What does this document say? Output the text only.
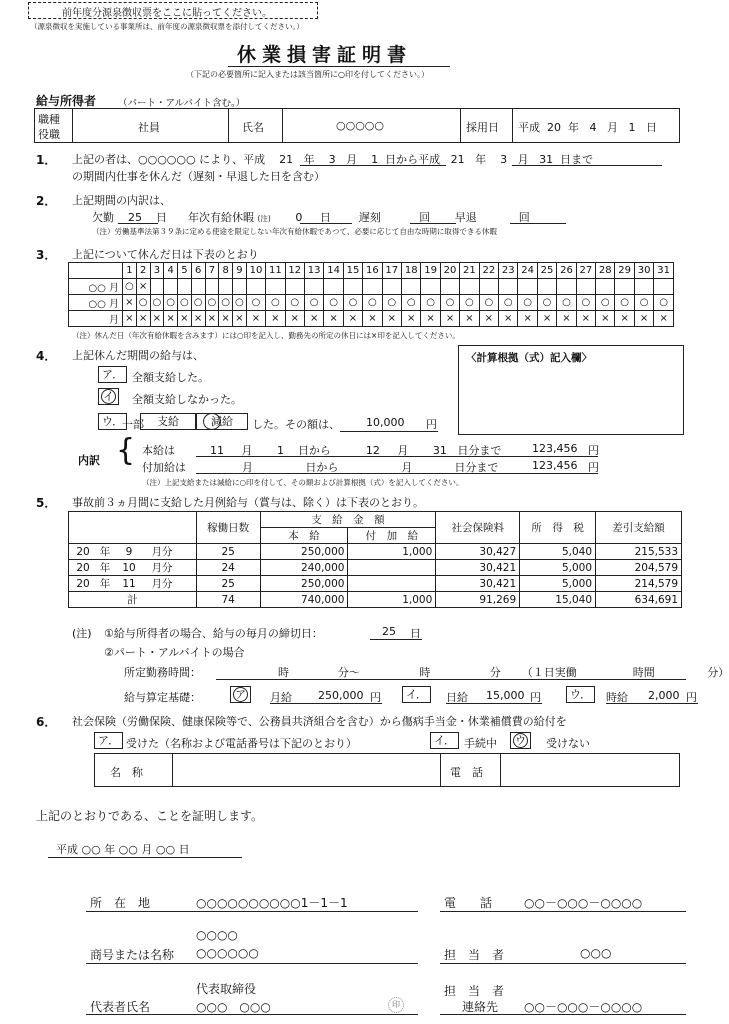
前年度分源泉徴収票をここに貼ってください。
（源泉徴収を実施している事業所は、前年度の源泉徴収票を添付してください。）
休業損害証明書
（下記の必要箇所に記入または該当箇所に○印を付してください。）
給与所得者 （パート・アルバイト含む。）
職種
役職
社員	氏名	○○○○○	採用日 平成 20 年 4 月 1 日
1． 上記の者は、○○○○○○ により、平成 21 年 3 月 1 日から平成 21 年 3 月 31 日まで
の期間内仕事を休んだ（遅刻・早退した日を含む）
2． 上記期間の内訳は、
欠勤 25 日 年次有給休暇 (注) 0 日	遅刻	回 早退	回
（注）労働基準法第３９条に定める使途を限定しない年次有給休暇であつて、必要に応じて自由な時期に取得できる休暇
3． 上記について休んだ日は下表のとおり
	1	2	3	4	5	6	7	8	9	10	11	12	13	14	15	16	17	18	19	20	21	22	23	24	25	26	27	28	29	30	31
○○ 月	○	×																													
○○ 月	×	○	○	○	○	○	○	○	○	○	○	○	○	○	○	○	○	○	○	○	○	○	○	○	○	○	○	○	○	○	○
月	×	×	×	×	×	×	×	×	×	×	×	×	×	×	×	×	×	×	×	×	×	×	×	×	×	×	×	×	×	×	×
（注）休んだ日（年次有給休暇を含みます）には○印を記入し、勤務先の所定の休日には×印を記入してください。
4． 上記休んだ期間の給与は、	〈計算根拠（式）記入欄〉
ア． 全額支給した。
イ	全額支給しなかった。
ウ．
一部	支給	減給	した。その額は、 10,000 円
内訳 { 本給は	11 月 1 日から	12 月 31 日分まで	123,456 円
付加給は	月	日から	月	日分まで	123,456 円
（注）上記支給または減給に○印を付して、その額および計算根拠（式）を記入してください。
5． 事故前３ヵ月間に支給した月例給与（賞与は、除く）は下表のとおり。
	稼働日数	支　給　金　額		社会保険料	所　得　税	差引支給額
		本　給	付　加　給			
20 年 9 月分	25	250,000	1,000	30,427	5,040	215,533
20 年 10 月分	24	240,000		30,421	5,000	204,579
20 年 11 月分	25	250,000		30,421	5,000	214,579
計	74	740,000	1,000	91,269	15,040	634,691
(注) ①給与所得者の場合、給与の毎月の締切日：	25 日
②パート・アルバイトの場合
所定勤務時間：	時	分～	時	分 （１日実働	時間	分）
給与算定基礎：	ア	月給 250,000 円	イ．	日給 15,000 円	ウ．	時給 2,000 円
6． 社会保険（労働保険、健康保険等で、公務員共済組合を含む）から傷病手当金・休業補償費の給付を
ア． 受けた（名称および電話番号は下記のとおり）	イ． 手続中	ウ	受けない
名　称	電　話
上記のとおりである、ことを証明します。
平成 ○○ 年 ○○ 月 ○○ 日
所　在　地	○○○○○○○○○○1－1－1	電　　話	○○－○○○－○○○○
○○○○
商号または名称 ○○○○○○	担　当　者	○○○
代表取締役	担　当　者
代表者氏名	○○○　○○○	印	連絡先 ○○－○○○－○○○○
